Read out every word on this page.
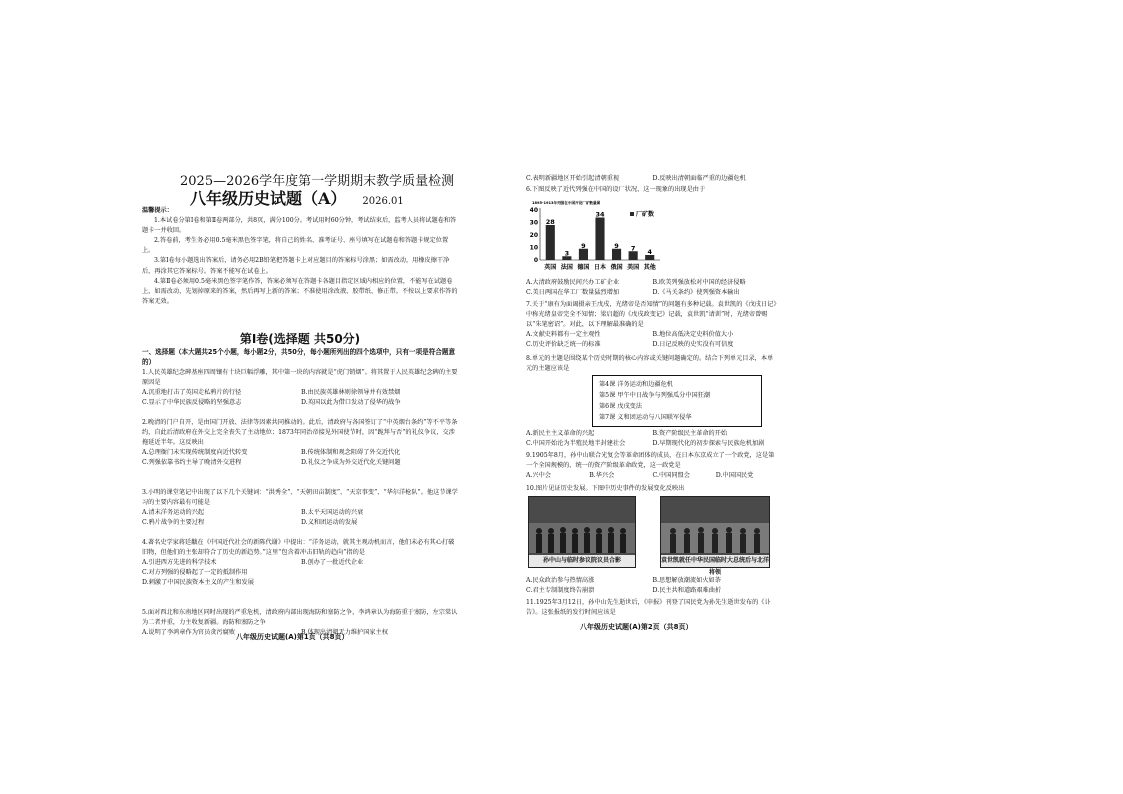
2025—2026学年度第一学期期末教学质量检测
八年级历史试题（A） 2026.01

温馨提示：

1.本试卷分第Ⅰ卷和第Ⅱ卷两部分，共8页，满分100分。考试用时60分钟，考试结束后，监考人员将试题卷和答题卡一并收回。

2.答卷前，考生务必用0.5毫米黑色签字笔，将自己的姓名、准考证号、座号填写在试题卷和答题卡规定位置上。

3.第Ⅰ卷每小题选出答案后，请务必用2B铅笔把答题卡上对应题目的答案标号涂黑；如需改动，用橡皮擦干净后，再涂其它答案标号。答案不能写在试卷上。

4.第Ⅱ卷必须用0.5毫米黑色签字笔作答，答案必须写在答题卡各题目指定区域内相应的位置，不能写在试题卷上，如需改动，先划掉原来的答案，然后再写上新的答案；不准使用涂改液、胶带纸、修正带。不按以上要求作答的答案无效。

第Ⅰ卷(选择题 共50分)
一、选择题（本大题共25个小题，每小题2分，共50分，每小题所列出的四个选项中，只有一项是符合题意的）

1.人民英雄纪念碑基座四周镶有十块巨幅浮雕，其中第一块的内容就是“虎门销烟”。将其置于人民英雄纪念碑的主要原因是

A.沉重地打击了英国走私鸦片的行径	B.由民族英雄林则徐领导并有效禁烟
C.显示了中华民族反侵略的坚强意志	D.英国以此为借口发动了侵华的战争

2.晚清的门户自开，是由国门开放、法律等因素共同推动的。此后，清政府与各国签订了“中英烟台条约”等不平等条约，自此后清政府在外交上完全丧失了主动地位；1873年同治帝接见外国使节时，因“跪拜与否”的礼仪争议，交涉拖延近半年。这反映出

A.总理衙门未实现传统制度向近代转变	B.传统体制和观念阻碍了外交近代化
C.列强依靠书约主导了晚清外交进程	D.礼仪之争成为外交近代化关键问题

3.小明的课堂笔记中出现了以下几个关键词：“洪秀全”、“天朝田亩制度”、“天京事变”、“华尔洋枪队”。他这节课学习的主要内容最有可能是

A.清末洋务运动的兴起	B.太平天国运动的兴衰
C.鸦片战争的主要过程	D.义和团运动的发展

4.著名史学家蒋廷黻在《中国近代社会的新陈代谢》中提出：“洋务运动，就其主观动机而言，他们未必有其心打破旧物，但他们的主张却符合了历史的新趋势。”这里“包含着冲击旧轨的趋向”指的是

A.引进西方先进的科学技术	B.创办了一批近代企业

C.对方列强的侵略起了一定的抵制作用

D.刺激了中国民族资本主义的产生和发展

5.面对西北和东南地区同时出现的严重危机，清政府内部出现海防和塞防之争，李鸿章认为海防重于塞防，左宗棠认为二者并重，力主收复新疆。海防和塞防之争

A.说明了李鸿章作为官员贪污腐败	B.体现出清朝无力维护国家主权
八年级历史试题(A)第1页（共8页）
C.表明新疆地区开始引起清朝重视	D.反映出清朝面临严重的边疆危机

6.下图反映了近代列强在中国的设厂状况，这一现象的出现是由于

1895-1913年列强在中国开设厂矿数量图
0
10
20
30
40
28
英国
3
法国
9
德国
34
日本
9
俄国
7
美国
4
其他
厂矿数
A.大清政府鼓励民间兴办工矿企业	B.欧美列强放松对中国的经济侵略
C.美日两国在华工厂数量猛烈增加	D.《马关条约》使列强资本输出

7.关于“康有为面谒摄亲王戊戌，光绪帝是否知情”的问题有多种记载。袁世凯的《戊戌日记》中称光绪皇帝完全不知情；梁启超的《戊戌政变记》记载，袁世凯“请训”时，光绪帝曾赐以“朱笔密诏”。对此，以下理解最准确的是

A.文献史料都有一定主观性	B.地位高低决定史料价值大小
C.历史评价缺乏统一的标准	D.日记反映的史实没有可信度

8.单元的主题是围绕某个历史时期的核心内容或关键问题确定的。结合下列单元目录，本单元的主题应该是

第4课 洋务运动和边疆危机
第5课 甲午中日战争与列强瓜分中国狂潮
第6课 戊戌变法
第7课 义和团运动与八国联军侵华
A.新民主主义革命的兴起	B.资产阶级民主革命的开始
C.中国开始沦为半殖民地半封建社会	D.早期现代化的初步探索与民族危机加剧

9.1905年8月，孙中山联合光复会等革命团体的成员，在日本东京成立了一个政党，这是第一个全国规模的、统一的资产阶级革命政党，这一政党是

A.兴中会	B.华兴会	C.中国同盟会	D.中国国民党

10.图片见证历史发展。下图中历史事件的发展变化反映出

孙中山与临时参议院议员合影	袁世凯就任中华民国临时大总统后与北洋将领
A.民众政治参与热情高涨	B.思想解放潮流如火如荼
C.君主专制制度终告崩溃	D.民主共和道路艰难曲折

11.1925年3月12日，孙中山先生逝世后，《申报》刊登了国民党为孙先生逝世发布的《讣告》。这张报纸的发行时间应该是

八年级历史试题(A)第2页（共8页）
